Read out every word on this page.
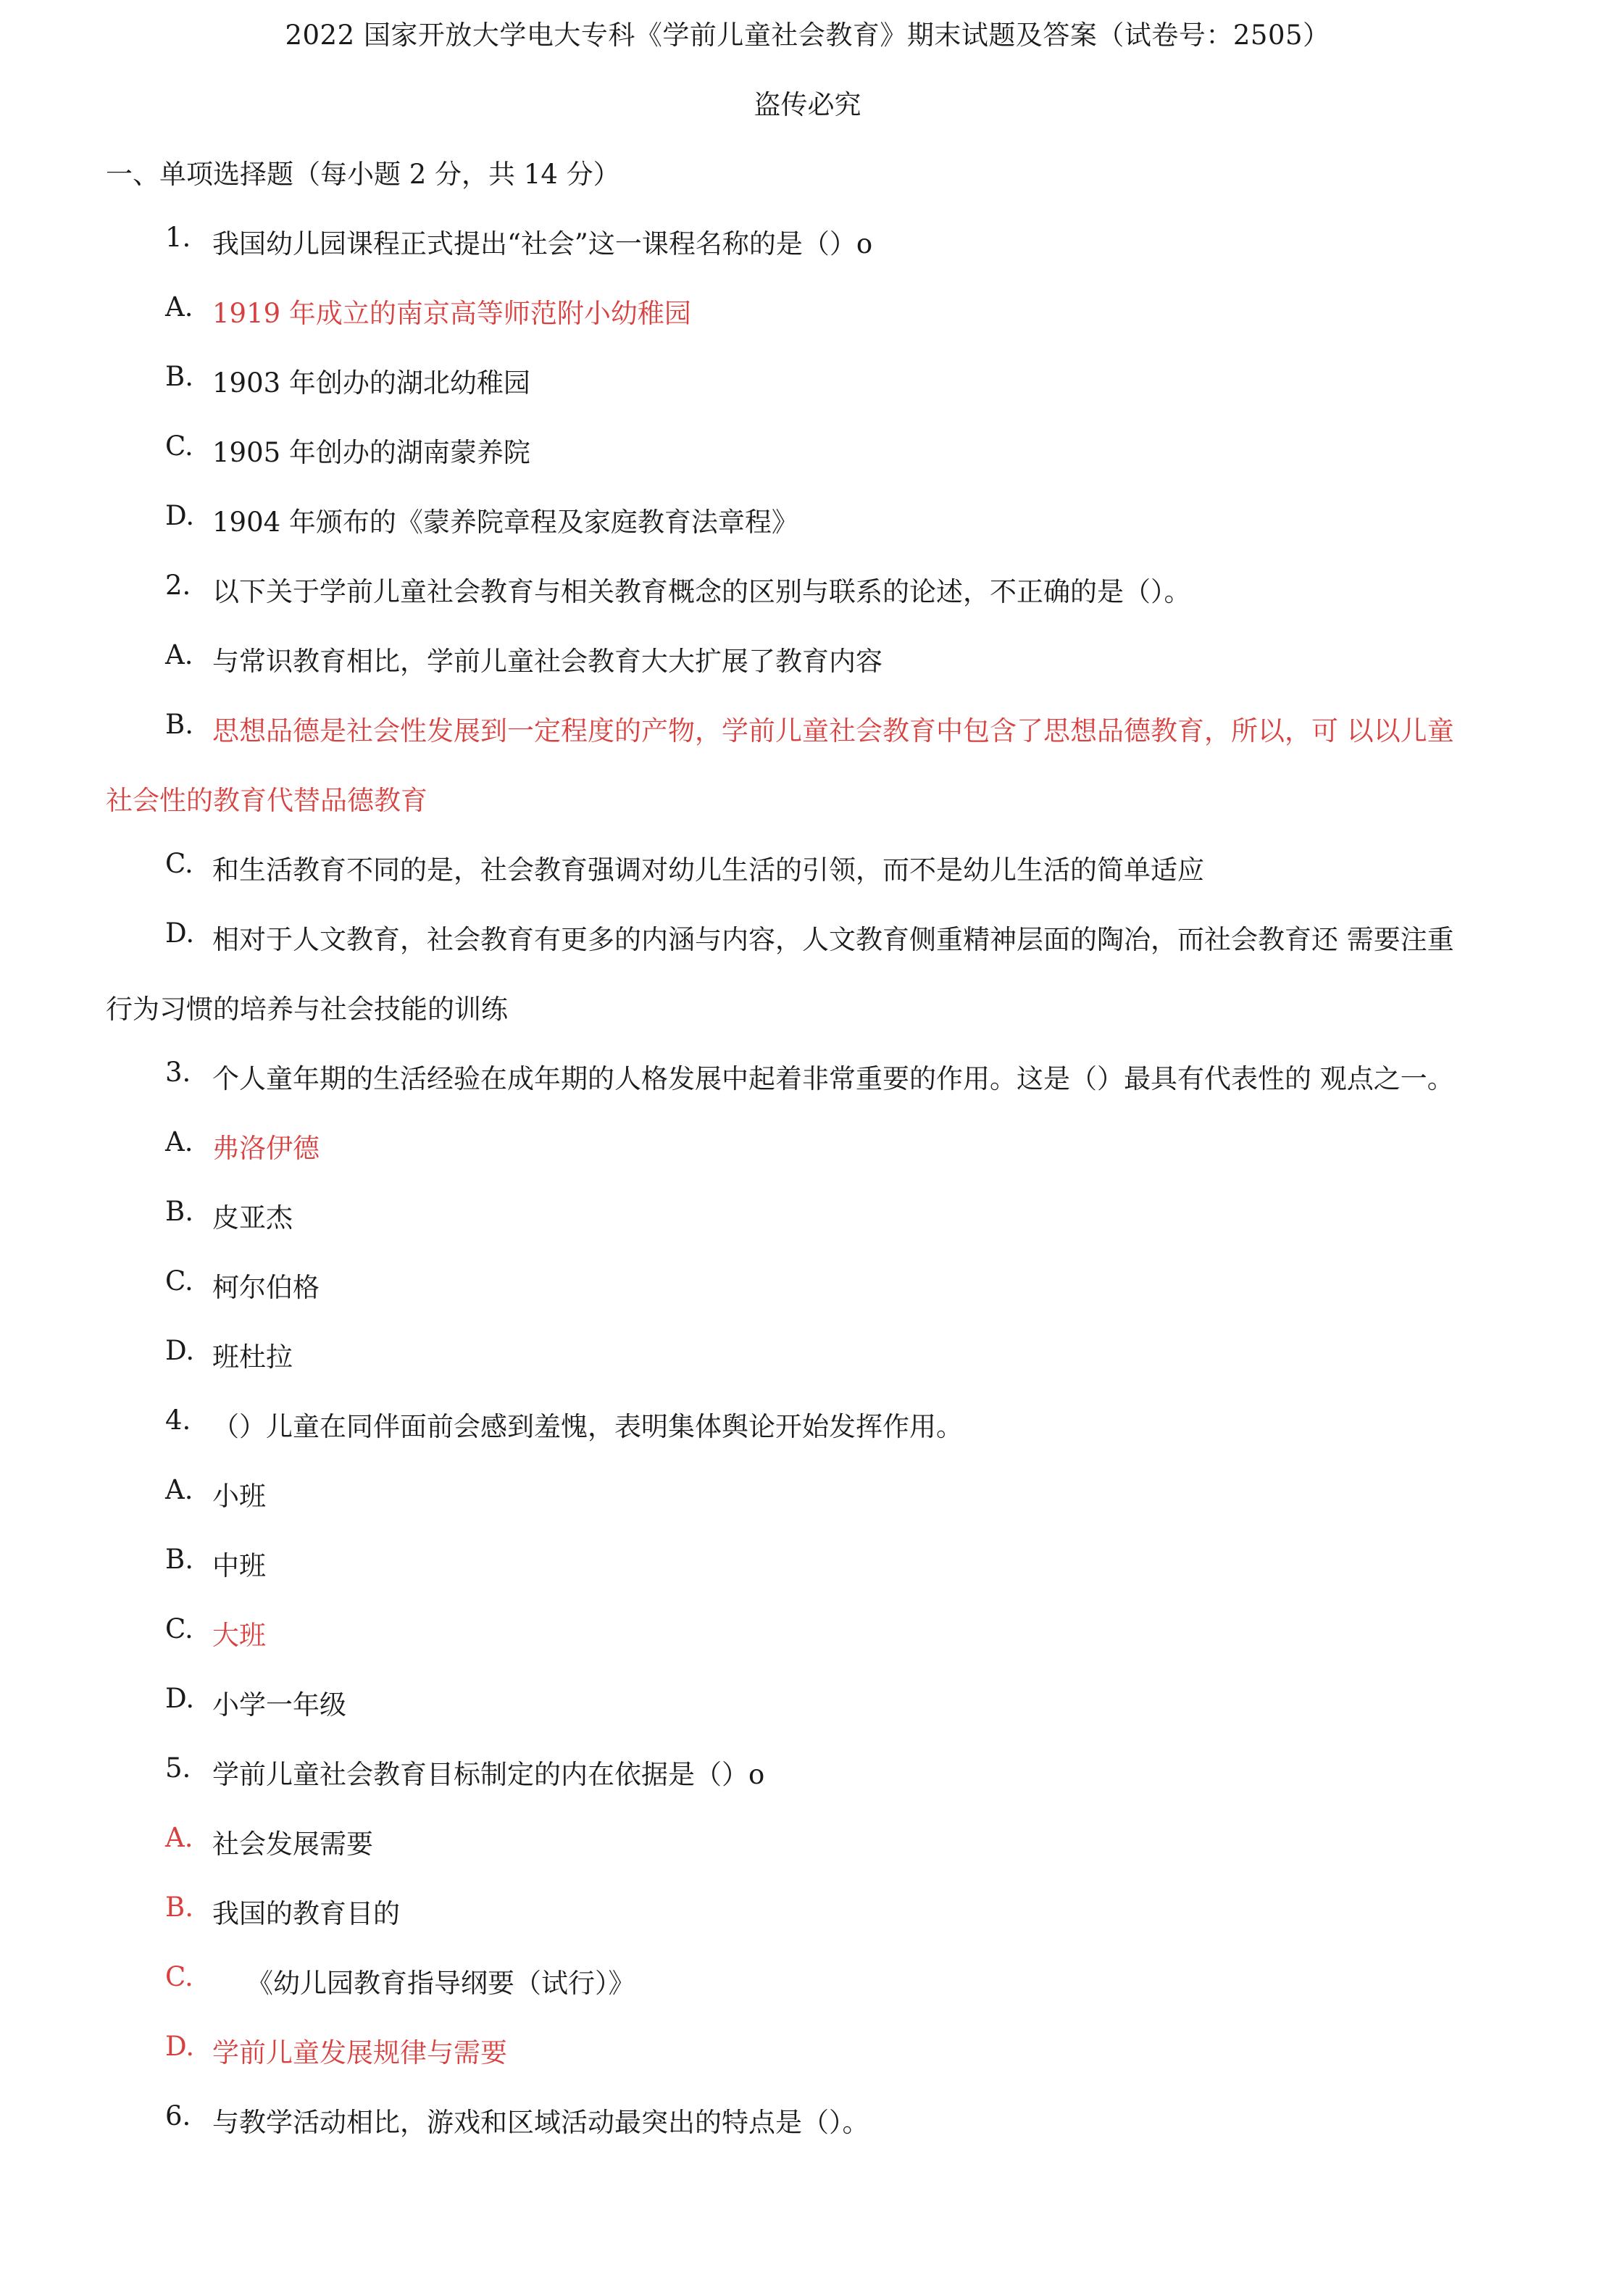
2022 国家开放大学电大专科《学前儿童社会教育》期末试题及答案（试卷号：2505）
盗传必究
一、单项选择题（每小题 2 分，共 14 分）
1. 我国幼儿园课程正式提出“社会”这一课程名称的是（）o
A. 1919 年成立的南京高等师范附小幼稚园
B. 1903 年创办的湖北幼稚园
C. 1905 年创办的湖南蒙养院
D. 1904 年颁布的《蒙养院章程及家庭教育法章程》
2. 以下关于学前儿童社会教育与相关教育概念的区别与联系的论述，不正确的是（）。
A. 与常识教育相比，学前儿童社会教育大大扩展了教育内容
B. 思想品德是社会性发展到一定程度的产物，学前儿童社会教育中包含了思想品德教育，所以，可 以以儿童
社会性的教育代替品德教育
C. 和生活教育不同的是，社会教育强调对幼儿生活的引领，而不是幼儿生活的简单适应
D. 相对于人文教育，社会教育有更多的内涵与内容，人文教育侧重精神层面的陶冶，而社会教育还 需要注重
行为习惯的培养与社会技能的训练
3. 个人童年期的生活经验在成年期的人格发展中起着非常重要的作用。这是（）最具有代表性的 观点之一。
A. 弗洛伊德
B. 皮亚杰
C. 柯尔伯格
D. 班杜拉
4. （）儿童在同伴面前会感到羞愧，表明集体舆论开始发挥作用。
A. 小班
B. 中班
C. 大班
D. 小学一年级
5. 学前儿童社会教育目标制定的内在依据是（）o
A. 社会发展需要
B. 我国的教育目的
C. 《幼儿园教育指导纲要（试行）》
D. 学前儿童发展规律与需要
6. 与教学活动相比，游戏和区域活动最突出的特点是（）。
